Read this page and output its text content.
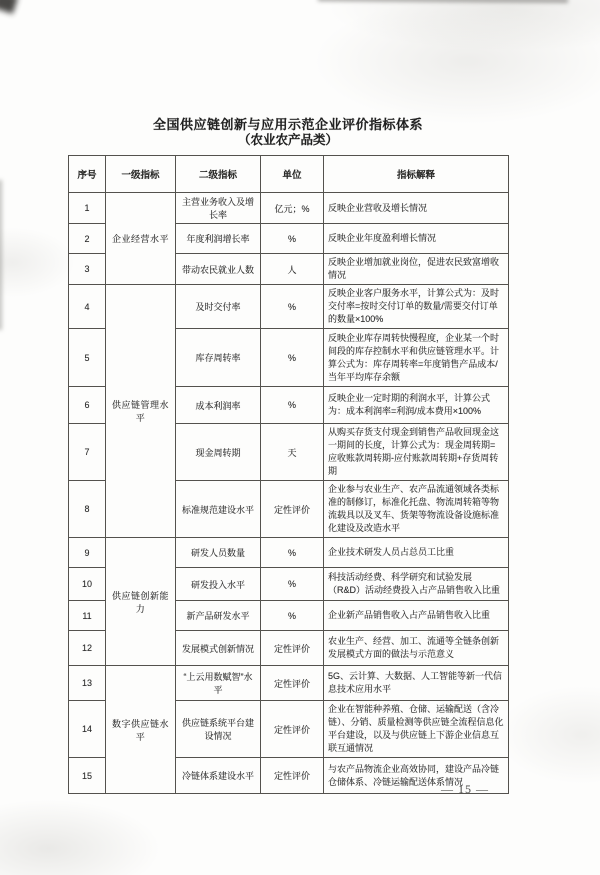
全国供应链创新与应用示范企业评价指标体系
（农业农产品类）
序号	一级指标	二级指标	单位	指标解释
1	企业经营水平	主营业务收入及增长率	亿元；%	反映企业营收及增长情况
2		年度利润增长率	%	反映企业年度盈利增长情况
3		带动农民就业人数	人	反映企业增加就业岗位，促进农民致富增收情况
4	供应链管理水平	及时交付率	%	反映企业客户服务水平，计算公式为：及时交付率=按时交付订单的数量/需要交付订单的数量×100%
5		库存周转率	%	反映企业库存周转快慢程度，企业某一个时间段的库存控制水平和供应链管理水平。计算公式为：库存周转率=年度销售产品成本/当年平均库存余额
6		成本利润率	%	反映企业一定时期的利润水平，计算公式为：成本利润率=利润/成本费用×100%
7		现金周转期	天	从购买存货支付现金到销售产品收回现金这一期间的长度，计算公式为：现金周转期=应收账款周转期-应付账款周转期+存货周转期
8		标准规范建设水平	定性评价	企业参与农业生产、农产品流通领域各类标准的制修订，标准化托盘、物流周转箱等物流载具以及叉车、货架等物流设备设施标准化建设及改造水平
9	供应链创新能力	研发人员数量	%	企业技术研发人员占总员工比重
10		研发投入水平	%	科技活动经费、科学研究和试验发展（R&D）活动经费投入占产品销售收入比重
11		新产品研发水平	%	企业新产品销售收入占产品销售收入比重
12		发展模式创新情况	定性评价	农业生产、经营、加工、流通等全链条创新发展模式方面的做法与示范意义
13	数字供应链水平	“上云用数赋智”水平	定性评价	5G、云计算、大数据、人工智能等新一代信息技术应用水平
14		供应链系统平台建设情况	定性评价	企业在智能种养殖、仓储、运输配送（含冷链）、分销、质量检测等供应链全流程信息化平台建设，以及与供应链上下游企业信息互联互通情况
15		冷链体系建设水平	定性评价	与农产品物流企业高效协同，建设产品冷链仓储体系、冷链运输配送体系情况
— 15 —
